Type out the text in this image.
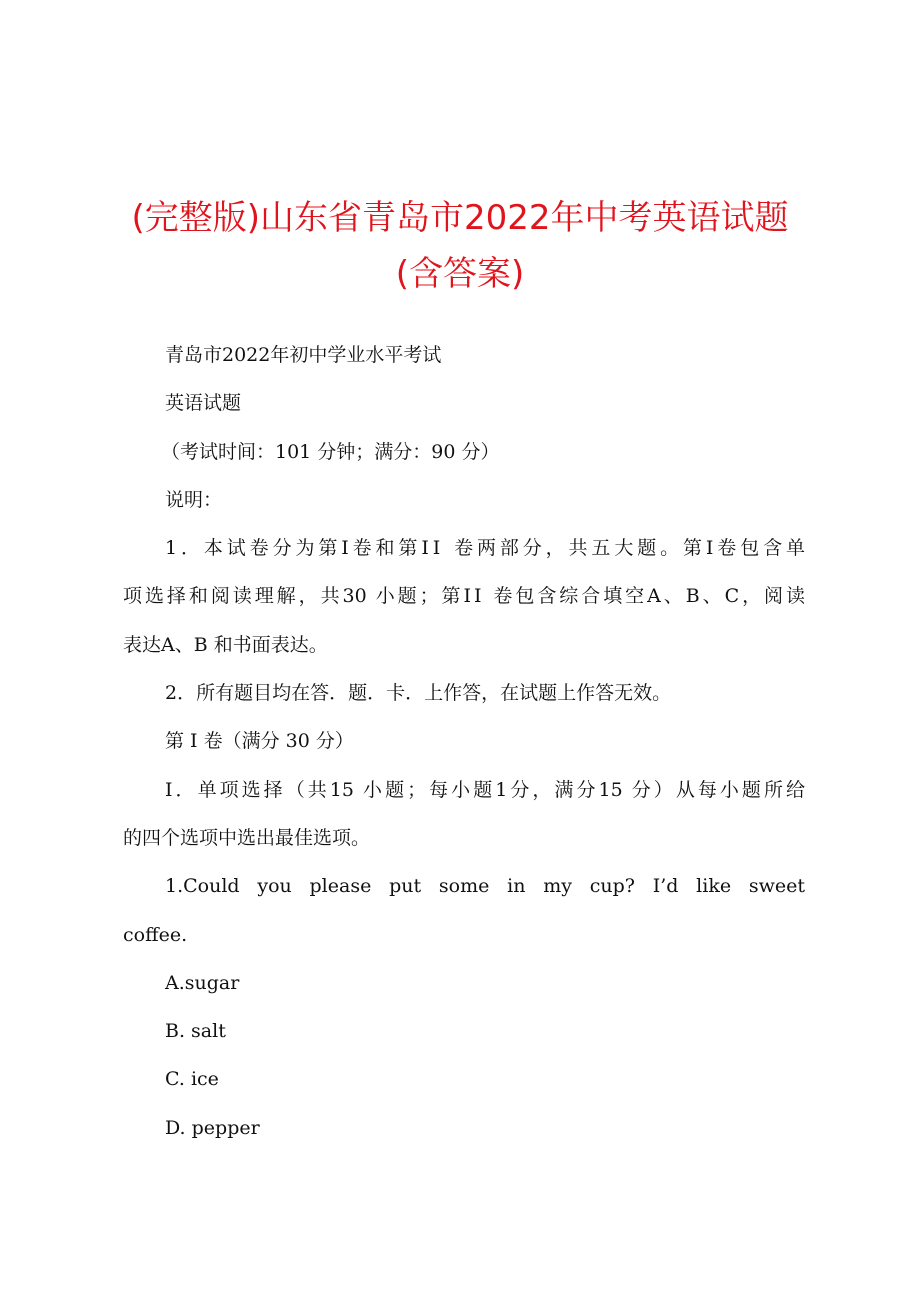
(完整版)山东省青岛市2022年中考英语试题
(含答案)
青岛市2022年初中学业水平考试
英语试题
（考试时间：101 分钟；满分：90 分）
说明：
1．本试卷分为第Ⅰ卷和第ⅠⅠ 卷两部分，共五大题。第Ⅰ卷包含单
项选择和阅读理解，共30 小题；第ⅠⅠ 卷包含综合填空A、B、C，阅读
表达A、B 和书面表达。
2．所有题目均在答．题．卡．上作答，在试题上作答无效。
第 Ⅰ 卷（满分 30 分）
I．单项选择（共15 小题；每小题1分，满分15 分）从每小题所给
的四个选项中选出最佳选项。
1.Could you please put some in my cup? I’d like sweet
coffee.
A.sugar
B. salt
C. ice
D. pepper
